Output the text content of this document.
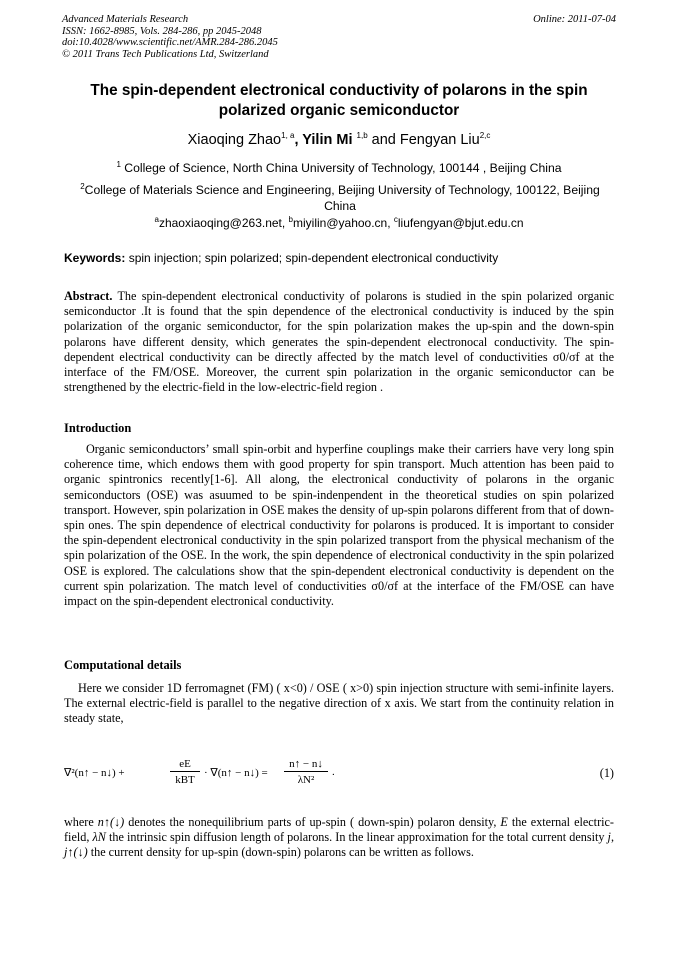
Advanced Materials Research
ISSN: 1662-8985, Vols. 284-286, pp 2045-2048
doi:10.4028/www.scientific.net/AMR.284-286.2045
© 2011 Trans Tech Publications Ltd, Switzerland
Online: 2011-07-04
The spin-dependent electronical conductivity of polarons in the spin
polarized organic semiconductor
Xiaoqing Zhao$^{1, a}$, Yilin Mi $^{1,b}$ and Fengyan Liu$^{2,c}$
$^1$ College of Science, North China University of Technology, 100144 , Beijing China
$^2$College of Materials Science and Engineering, Beijing University of Technology, 100122, Beijing China
$^a$zhaoxiaoqing@263.net, $^b$miyilin@yahoo.cn, $^c$liufengyan@bjut.edu.cn
Keywords: spin injection; spin polarized; spin-dependent electronical conductivity
Abstract. The spin-dependent electronical conductivity of polarons is studied in the spin polarized organic semiconductor .It is found that the spin dependence of the electronical conductivity is induced by the spin polarization of the organic semiconductor, for the spin polarization makes the up-spin and the down-spin polarons have different density, which generates the spin-dependent electronocal conductivity. The spin-dependent electrical conductivity can be directly affected by the match level of conductivities σ0/σf at the interface of the FM/OSE. Moreover, the current spin polarization in the organic semiconductor can be strengthened by the electric-field in the low-electric-field region .
Introduction
Organic semiconductors’ small spin-orbit and hyperfine couplings make their carriers have very long spin coherence time, which endows them with good property for spin transport. Much attention has been paid to organic spintronics recently[1-6]. All along, the electronical conductivity of polarons in the organic semiconductors (OSE) was asuumed to be spin-indenpendent in the theoretical studies on spin polarized transport. However, spin polarization in OSE makes the density of up-spin polarons different from that of down-spin ones. The spin dependence of electrical conductivity for polarons is produced. It is important to consider the spin-dependent electronical conductivity in the spin polarized transport from the physical mechanism of the spin polarization of the OSE. In the work, the spin dependence of electronical conductivity in the spin polarized OSE is explored. The calculations show that the spin-dependent electronical conductivity is dependent on the current spin polarization. The match level of conductivities σ0/σf at the interface of the FM/OSE can have impact on the spin-dependent electronical conductivity.
Computational details
Here we consider 1D ferromagnet (FM) ( x<0) / OSE ( x>0) spin injection structure with semi-infinite layers. The external electric-field is parallel to the negative direction of x axis. We start from the continuity relation in steady state,
∇²(n↑ − n↓) +
eE
kBT
· ∇(n↑ − n↓) = $\frac{n↑ - n↓}{\text{λN²}}$ .	(1)
where n↑(↓) denotes the nonequilibrium parts of up-spin ( down-spin) polaron density, E the external electric-field, λN the intrinsic spin diffusion length of polarons. In the linear approximation for the total current density j, j↑(↓) the current density for up-spin (down-spin) polarons can be written as follows.
